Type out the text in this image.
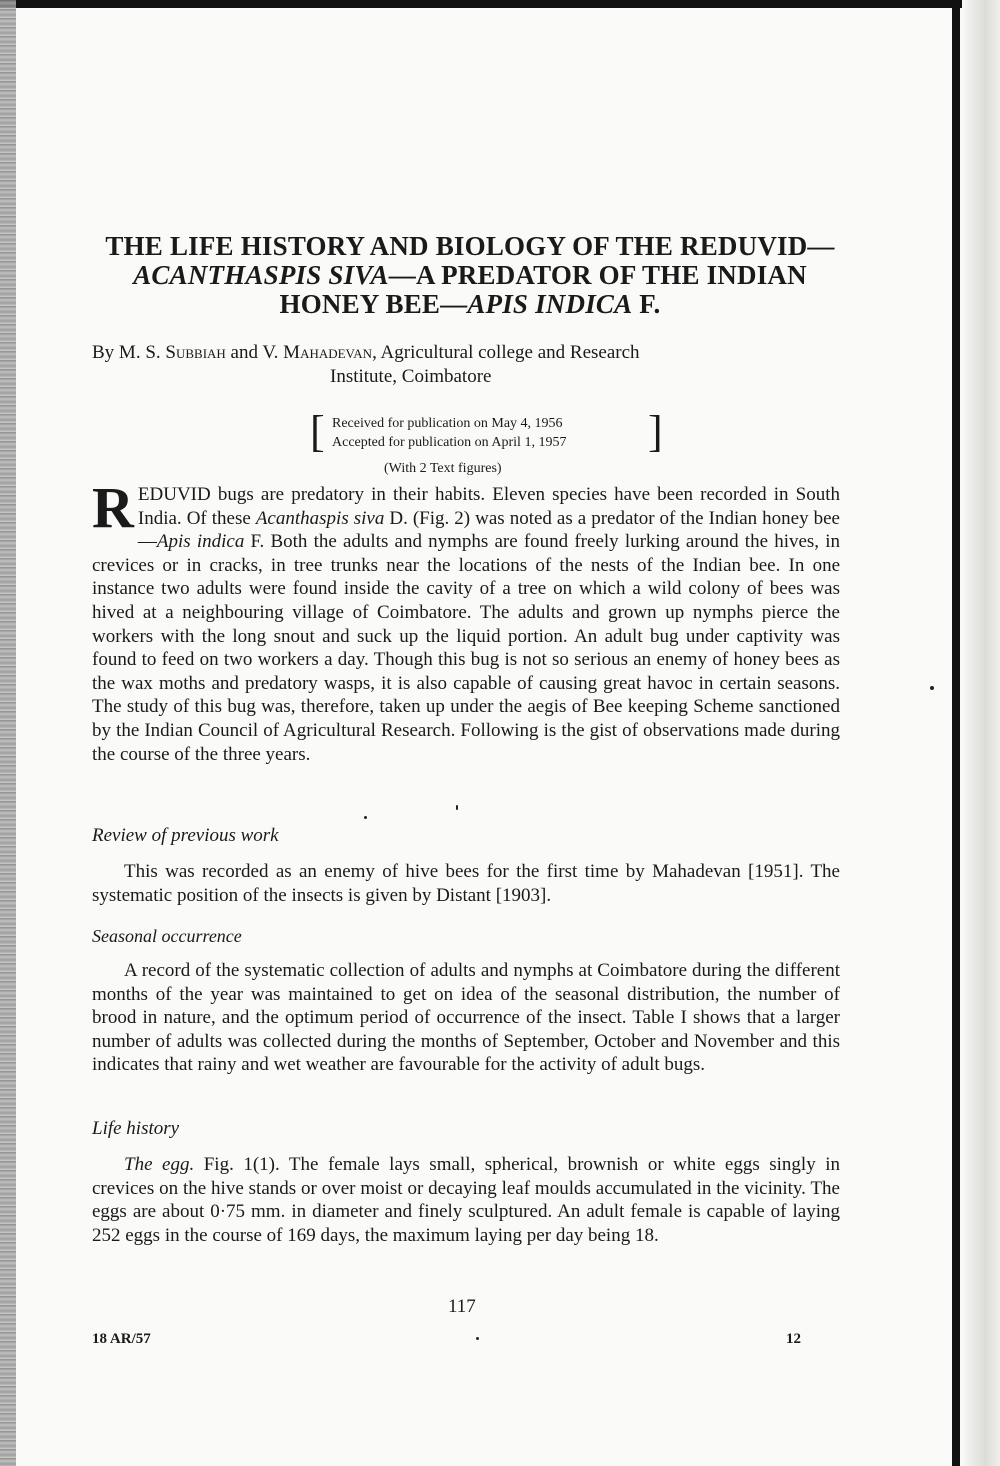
THE LIFE HISTORY AND BIOLOGY OF THE REDUVID—
ACANTHASPIS SIVA—A PREDATOR OF THE INDIAN
HONEY BEE—APIS INDICA F.
By M. S. Subbiah and V. Mahadevan, Agricultural college and Research
Institute, Coimbatore
[ Received for publication on May 4, 1956
Accepted for publication on April 1, 1957	]
(With 2 Text figures)
REDUVID bugs are predatory in their habits. Eleven species have been recorded in South India. Of these Acanthaspis siva D. (Fig. 2) was noted as a predator of the Indian honey bee—Apis indica F. Both the adults and nymphs are found freely lurking around the hives, in crevices or in cracks, in tree trunks near the locations of the nests of the Indian bee. In one instance two adults were found inside the cavity of a tree on which a wild colony of bees was hived at a neighbouring village of Coimbatore. The adults and grown up nymphs pierce the workers with the long snout and suck up the liquid portion. An adult bug under captivity was found to feed on two workers a day. Though this bug is not so serious an enemy of honey bees as the wax moths and predatory wasps, it is also capable of causing great havoc in certain seasons. The study of this bug was, therefore, taken up under the aegis of Bee keeping Scheme sanctioned by the Indian Council of Agricultural Research. Following is the gist of observations made during the course of the three years.
Review of previous work
This was recorded as an enemy of hive bees for the first time by Mahadevan [1951]. The systematic position of the insects is given by Distant [1903].
Seasonal occurrence
A record of the systematic collection of adults and nymphs at Coimbatore during the different months of the year was maintained to get on idea of the seasonal distribution, the number of brood in nature, and the optimum period of occurrence of the insect. Table I shows that a larger number of adults was collected during the months of September, October and November and this indicates that rainy and wet weather are favourable for the activity of adult bugs.
Life history
The egg. Fig. 1(1). The female lays small, spherical, brownish or white eggs singly in crevices on the hive stands or over moist or decaying leaf moulds accumulated in the vicinity. The eggs are about 0·75 mm. in diameter and finely sculptured. An adult female is capable of laying 252 eggs in the course of 169 days, the maximum laying per day being 18.
117
18 AR/57	12
